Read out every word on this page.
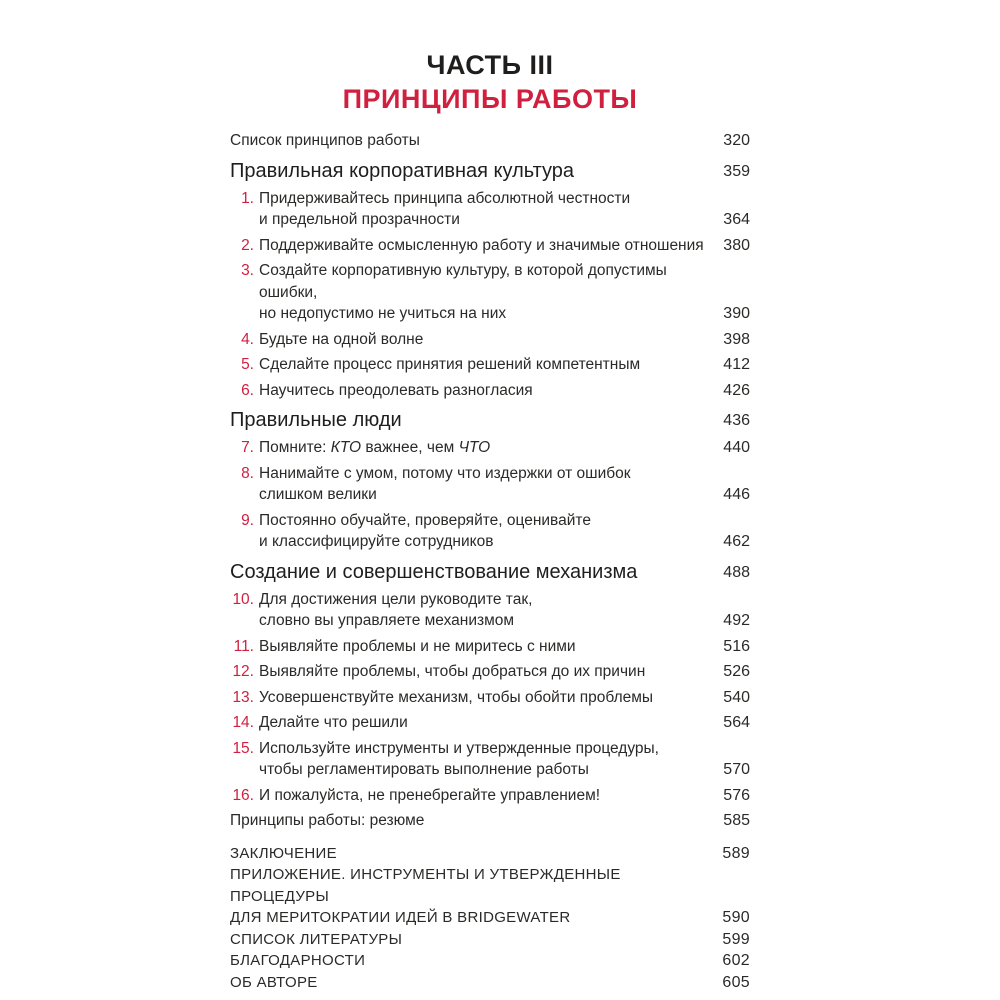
ЧАСТЬ III
ПРИНЦИПЫ РАБОТЫ
Список принципов работы	320
Правильная корпоративная культура	359
1. Придерживайтесь принципа абсолютной честности
и предельной прозрачности	364
2. Поддерживайте осмысленную работу и значимые отношения 380
3. Создайте корпоративную культуру, в которой допустимы ошибки,
но недопустимо не учиться на них	390
4. Будьте на одной волне	398
5. Сделайте процесс принятия решений компетентным	412
6. Научитесь преодолевать разногласия	426
Правильные люди	436
7. Помните: КТО важнее, чем ЧТО	440
8. Нанимайте с умом, потому что издержки от ошибок
слишком велики	446
9. Постоянно обучайте, проверяйте, оценивайте
и классифицируйте сотрудников	462
Создание и совершенствование механизма	488
10. Для достижения цели руководите так,
словно вы управляете механизмом	492
11. Выявляйте проблемы и не миритесь с ними	516
12. Выявляйте проблемы, чтобы добраться до их причин	526
13. Усовершенствуйте механизм, чтобы обойти проблемы	540
14. Делайте что решили	564
15. Используйте инструменты и утвержденные процедуры,
чтобы регламентировать выполнение работы	570
16. И пожалуйста, не пренебрегайте управлением!	576
Принципы работы: резюме	585
ЗАКЛЮЧЕНИЕ	589
ПРИЛОЖЕНИЕ. ИНСТРУМЕНТЫ И УТВЕРЖДЕННЫЕ ПРОЦЕДУРЫ
ДЛЯ МЕРИТОКРАТИИ ИДЕЙ В BRIDGEWATER	590
СПИСОК ЛИТЕРАТУРЫ	599
БЛАГОДАРНОСТИ	602
ОБ АВТОРЕ	605
